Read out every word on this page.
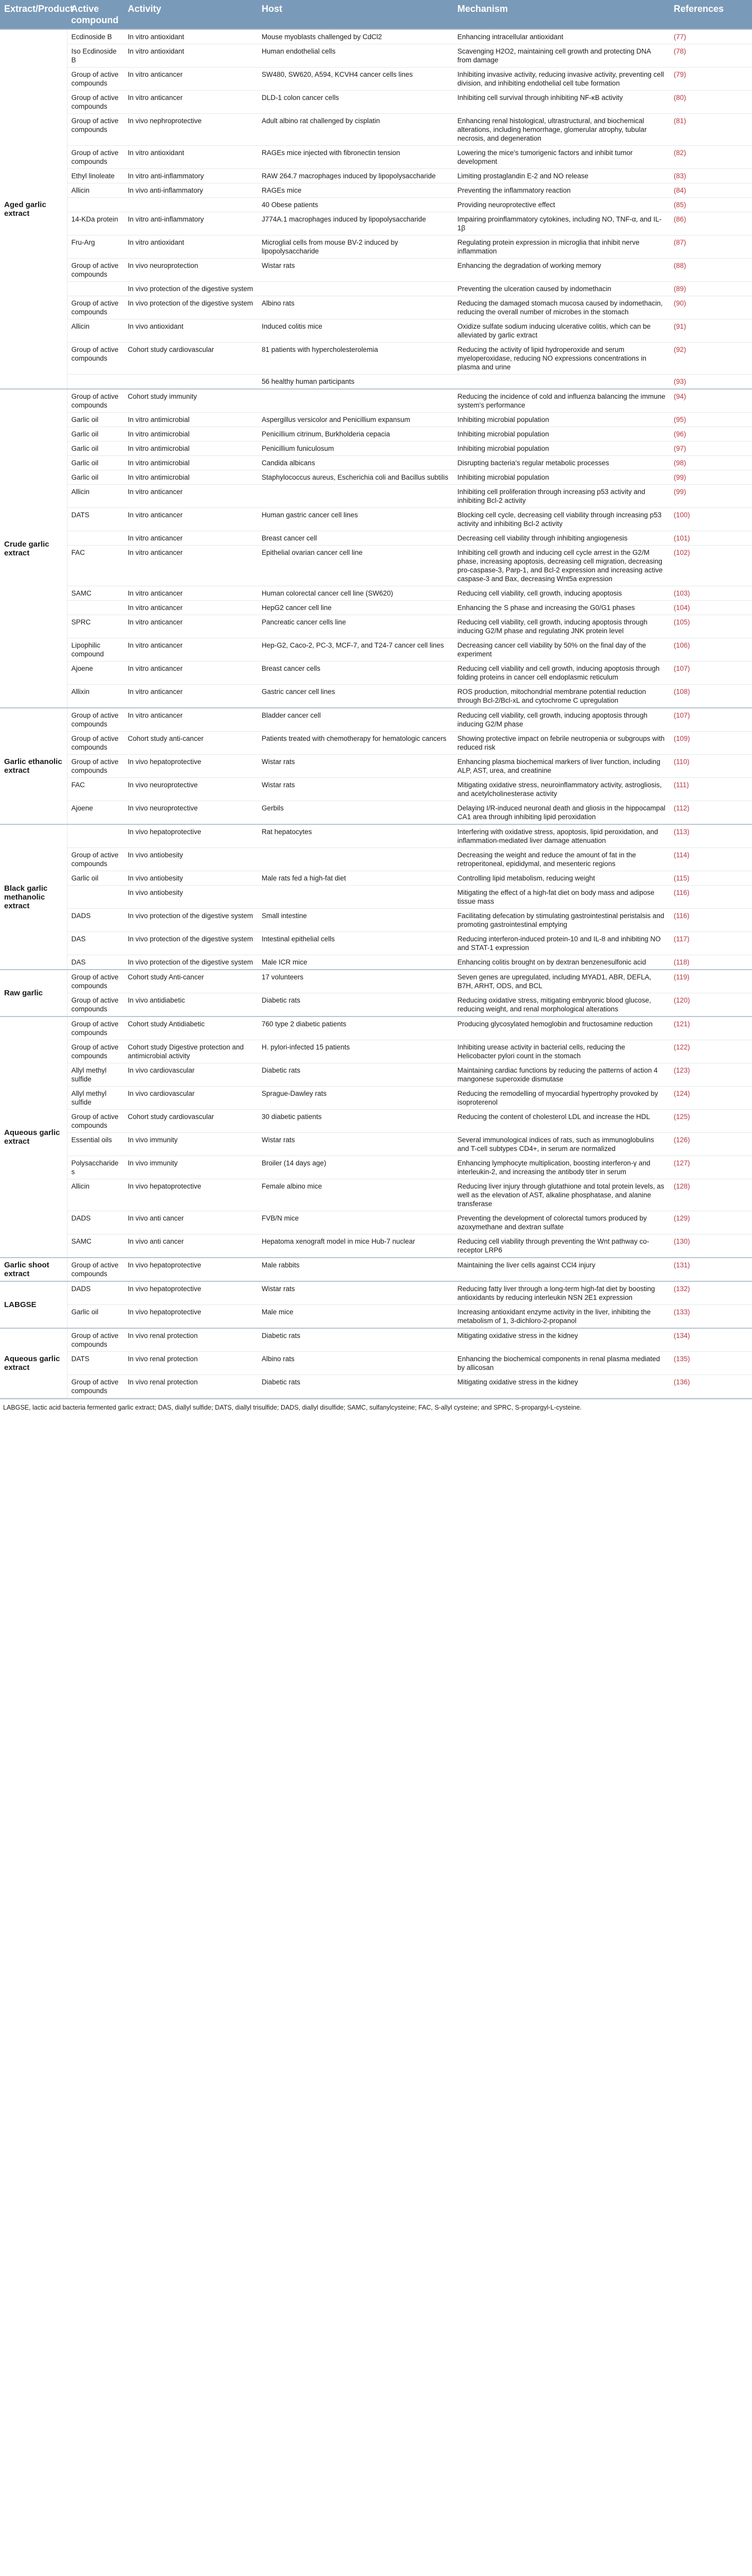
Extract/Product	Active compound	Activity	Host	Mechanism	References
Aged garlic extract	Ecdinoside B	In vitro antioxidant	Mouse myoblasts challenged by CdCl2	Enhancing intracellular antioxidant	(77)
	Iso Ecdinoside B	In vitro antioxidant	Human endothelial cells	Scavenging H2O2, maintaining cell growth and protecting DNA from damage	(78)
	Group of active compounds	In vitro anticancer	SW480, SW620, A594, KCVH4 cancer cells lines	Inhibiting invasive activity, reducing invasive activity, preventing cell division, and inhibiting endothelial cell tube formation	(79)
	Group of active compounds	In vitro anticancer	DLD-1 colon cancer cells	Inhibiting cell survival through inhibiting NF-κB activity	(80)
	Group of active compounds	In vivo nephroprotective	Adult albino rat challenged by cisplatin	Enhancing renal histological, ultrastructural, and biochemical alterations, including hemorrhage, glomerular atrophy, tubular necrosis, and degeneration	(81)
	Group of active compounds	In vitro antioxidant	RAGEs mice injected with fibronectin tension	Lowering the mice's tumorigenic factors and inhibit tumor development	(82)
	Ethyl linoleate	In vitro anti-inflammatory	RAW 264.7 macrophages induced by lipopolysaccharide	Limiting prostaglandin E-2 and NO release	(83)
	Allicin	In vivo anti-inflammatory	RAGEs mice	Preventing the inflammatory reaction	(84)
			40 Obese patients	Providing neuroprotective effect	(85)
	14-KDa protein	In vitro anti-inflammatory	J774A.1 macrophages induced by lipopolysaccharide	Impairing proinflammatory cytokines, including NO, TNF-α, and IL-1β	(86)
	Fru-Arg	In vitro antioxidant	Microglial cells from mouse BV-2 induced by lipopolysaccharide	Regulating protein expression in microglia that inhibit nerve inflammation	(87)
	Group of active compounds	In vivo neuroprotection	Wistar rats	Enhancing the degradation of working memory	(88)
		In vivo protection of the digestive system		Preventing the ulceration caused by indomethacin	(89)
	Group of active compounds	In vivo protection of the digestive system	Albino rats	Reducing the damaged stomach mucosa caused by indomethacin, reducing the overall number of microbes in the stomach	(90)
	Allicin	In vivo antioxidant	Induced colitis mice	Oxidize sulfate sodium inducing ulcerative colitis, which can be alleviated by garlic extract	(91)
	Group of active compounds	Cohort study cardiovascular	81 patients with hypercholesterolemia	Reducing the activity of lipid hydroperoxide and serum myeloperoxidase, reducing NO expressions concentrations in plasma and urine	(92)
			56 healthy human participants		(93)
Crude garlic extract	Group of active compounds	Cohort study immunity		Reducing the incidence of cold and influenza balancing the immune system's performance	(94)
	Garlic oil	In vitro antimicrobial	Aspergillus versicolor and Penicillium expansum	Inhibiting microbial population	(95)
	Garlic oil	In vitro antimicrobial	Penicillium citrinum, Burkholderia cepacia	Inhibiting microbial population	(96)
	Garlic oil	In vitro antimicrobial	Penicillium funiculosum	Inhibiting microbial population	(97)
	Garlic oil	In vitro antimicrobial	Candida albicans	Disrupting bacteria's regular metabolic processes	(98)
	Garlic oil	In vitro antimicrobial	Staphylococcus aureus, Escherichia coli and Bacillus subtilis	Inhibiting microbial population	(99)
	Allicin	In vitro anticancer		Inhibiting cell proliferation through increasing p53 activity and inhibiting Bcl-2 activity	(99)
	DATS	In vitro anticancer	Human gastric cancer cell lines	Blocking cell cycle, decreasing cell viability through increasing p53 activity and inhibiting Bcl-2 activity	(100)
		In vitro anticancer	Breast cancer cell	Decreasing cell viability through inhibiting angiogenesis	(101)
	FAC	In vitro anticancer	Epithelial ovarian cancer cell line	Inhibiting cell growth and inducing cell cycle arrest in the G2/M phase, increasing apoptosis, decreasing cell migration, decreasing pro-caspase-3, Parp-1, and Bcl-2 expression and increasing active caspase-3 and Bax, decreasing Wnt5a expression	(102)
	SAMC	In vitro anticancer	Human colorectal cancer cell line (SW620)	Reducing cell viability, cell growth, inducing apoptosis	(103)
		In vitro anticancer	HepG2 cancer cell line	Enhancing the S phase and increasing the G0/G1 phases	(104)
	SPRC	In vitro anticancer	Pancreatic cancer cells line	Reducing cell viability, cell growth, inducing apoptosis through inducing G2/M phase and regulating JNK protein level	(105)
	Lipophilic compound	In vitro anticancer	Hep-G2, Caco-2, PC-3, MCF-7, and T24-7 cancer cell lines	Decreasing cancer cell viability by 50% on the final day of the experiment	(106)
	Ajoene	In vitro anticancer	Breast cancer cells	Reducing cell viability and cell growth, inducing apoptosis through folding proteins in cancer cell endoplasmic reticulum	(107)
	Allixin	In vitro anticancer	Gastric cancer cell lines	ROS production, mitochondrial membrane potential reduction through Bcl-2/Bcl-xL and cytochrome C upregulation	(108)
Garlic ethanolic extract	Group of active compounds	In vitro anticancer	Bladder cancer cell	Reducing cell viability, cell growth, inducing apoptosis through inducing G2/M phase	(107)
	Group of active compounds	Cohort study anti-cancer	Patients treated with chemotherapy for hematologic cancers	Showing protective impact on febrile neutropenia or subgroups with reduced risk	(109)
	Group of active compounds	In vivo hepatoprotective	Wistar rats	Enhancing plasma biochemical markers of liver function, including ALP, AST, urea, and creatinine	(110)
	FAC	In vivo neuroprotective	Wistar rats	Mitigating oxidative stress, neuroinflammatory activity, astrogliosis, and acetylcholinesterase activity	(111)
	Ajoene	In vivo neuroprotective	Gerbils	Delaying I/R-induced neuronal death and gliosis in the hippocampal CA1 area through inhibiting lipid peroxidation	(112)
Black garlic methanolic extract		In vivo hepatoprotective	Rat hepatocytes	Interfering with oxidative stress, apoptosis, lipid peroxidation, and inflammation-mediated liver damage attenuation	(113)
	Group of active compounds	In vivo antiobesity		Decreasing the weight and reduce the amount of fat in the retroperitoneal, epididymal, and mesenteric regions	(114)
	Garlic oil	In vivo antiobesity	Male rats fed a high-fat diet	Controlling lipid metabolism, reducing weight	(115)
		In vivo antiobesity		Mitigating the effect of a high-fat diet on body mass and adipose tissue mass	(116)
	DADS	In vivo protection of the digestive system	Small intestine	Facilitating defecation by stimulating gastrointestinal peristalsis and promoting gastrointestinal emptying	(116)
	DAS	In vivo protection of the digestive system	Intestinal epithelial cells	Reducing interferon-induced protein-10 and IL-8 and inhibiting NO and STAT-1 expression	(117)
	DAS	In vivo protection of the digestive system	Male ICR mice	Enhancing colitis brought on by dextran benzenesulfonic acid	(118)
Raw garlic	Group of active compounds	Cohort study Anti-cancer	17 volunteers	Seven genes are upregulated, including MYAD1, ABR, DEFLA, B7H, ARHT, ODS, and BCL	(119)
	Group of active compounds	In vivo antidiabetic	Diabetic rats	Reducing oxidative stress, mitigating embryonic blood glucose, reducing weight, and renal morphological alterations	(120)
Aqueous garlic extract	Group of active compounds	Cohort study Antidiabetic	760 type 2 diabetic patients	Producing glycosylated hemoglobin and fructosamine reduction	(121)
	Group of active compounds	Cohort study Digestive protection and antimicrobial activity	H. pylori-infected 15 patients	Inhibiting urease activity in bacterial cells, reducing the Helicobacter pylori count in the stomach	(122)
	Allyl methyl sulfide	In vivo cardiovascular	Diabetic rats	Maintaining cardiac functions by reducing the patterns of action 4 mangonese superoxide dismutase	(123)
	Allyl methyl sulfide	In vivo cardiovascular	Sprague-Dawley rats	Reducing the remodelling of myocardial hypertrophy provoked by isoproterenol	(124)
	Group of active compounds	Cohort study cardiovascular	30 diabetic patients	Reducing the content of cholesterol LDL and increase the HDL	(125)
	Essential oils	In vivo immunity	Wistar rats	Several immunological indices of rats, such as immunoglobulins and T-cell subtypes CD4+, in serum are normalized	(126)
	Polysaccharides	In vivo immunity	Broiler (14 days age)	Enhancing lymphocyte multiplication, boosting interferon-γ and interleukin-2, and increasing the antibody titer in serum	(127)
	Allicin	In vivo hepatoprotective	Female albino mice	Reducing liver injury through glutathione and total protein levels, as well as the elevation of AST, alkaline phosphatase, and alanine transferase	(128)
	DADS	In vivo anti cancer	FVB/N mice	Preventing the development of colorectal tumors produced by azoxymethane and dextran sulfate	(129)
	SAMC	In vivo anti cancer	Hepatoma xenograft model in mice Hub-7 nuclear	Reducing cell viability through preventing the Wnt pathway co-receptor LRP6	(130)
Garlic shoot extract	Group of active compounds	In vivo hepatoprotective	Male rabbits	Maintaining the liver cells against CCl4 injury	(131)
LABGSE	DADS	In vivo hepatoprotective	Wistar rats	Reducing fatty liver through a long-term high-fat diet by boosting antioxidants by reducing interleukin NSN 2E1 expression	(132)
	Garlic oil	In vivo hepatoprotective	Male mice	Increasing antioxidant enzyme activity in the liver, inhibiting the metabolism of 1, 3-dichloro-2-propanol	(133)
Aqueous garlic extract	Group of active compounds	In vivo renal protection	Diabetic rats	Mitigating oxidative stress in the kidney	(134)
	DATS	In vivo renal protection	Albino rats	Enhancing the biochemical components in renal plasma mediated by allicosan	(135)
	Group of active compounds	In vivo renal protection	Diabetic rats	Mitigating oxidative stress in the kidney	(136)
LABGSE, lactic acid bacteria fermented garlic extract; DAS, diallyl sulfide; DATS, diallyl trisulfide; DADS, diallyl disulfide; SAMC, sulfanylcysteine; FAC, S-allyl cysteine; and SPRC, S-propargyl-L-cysteine.
